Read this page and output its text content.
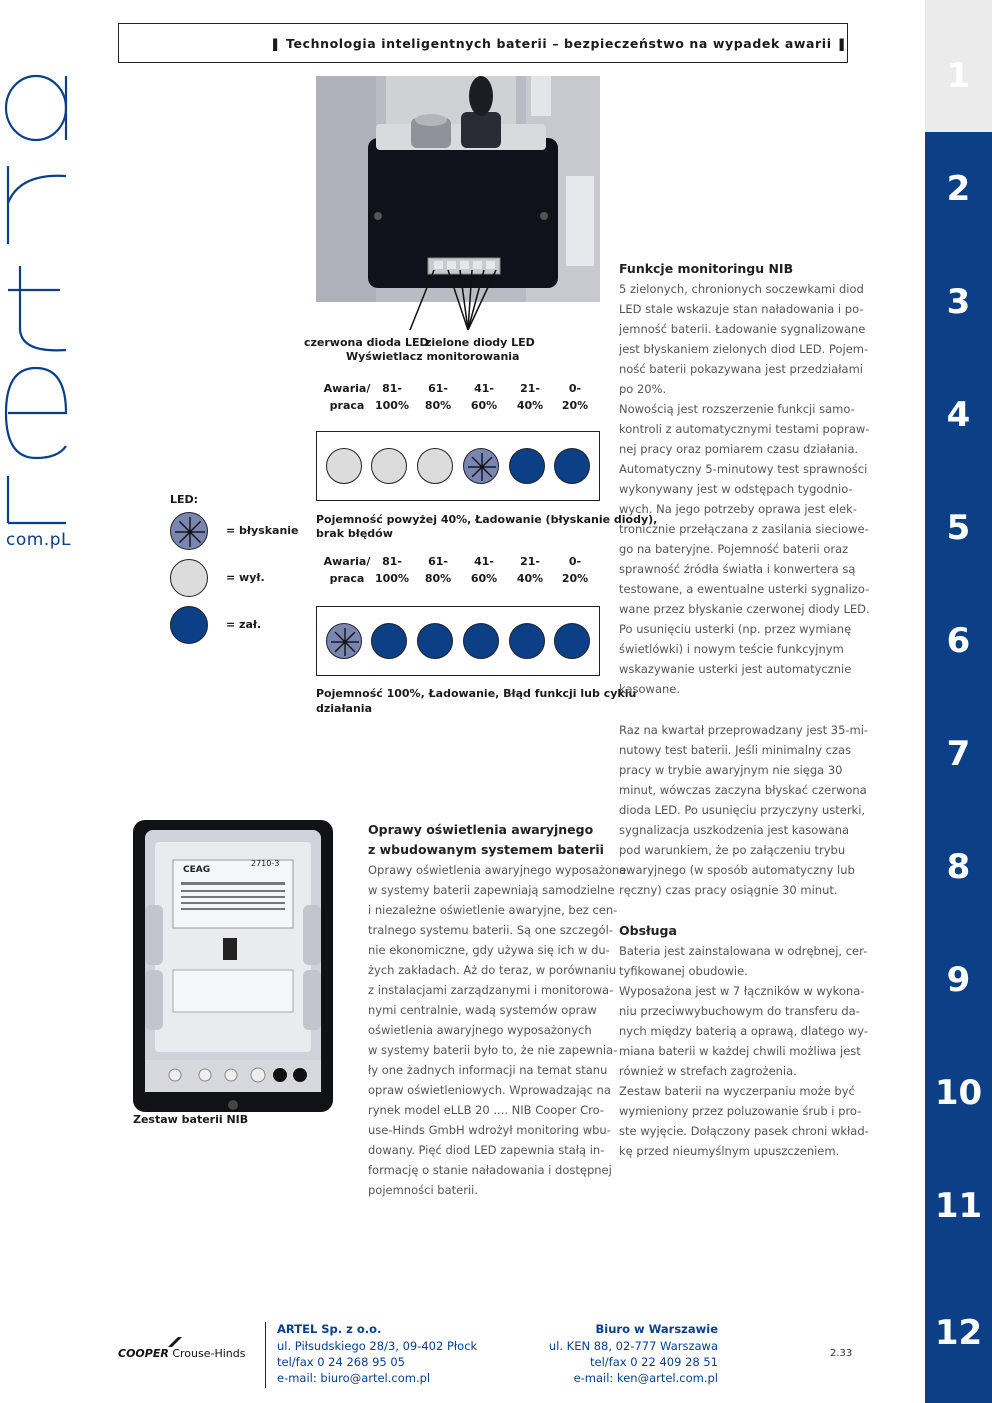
❚ Technologia inteligentnych baterii – bezpieczeństwo na wypadek awarii ❚
com.pL
1
2
3
4
5
6
7
8
9
10
11
12
czerwona dioda LED
zielone diody LED
Wyświetlacz monitorowania
Awaria/
praca
81-
100%
61-
80%
41-
60%
21-
40%
0-
20%
Pojemność powyżej 40%, Ładowanie (błyskanie diody),
brak błędów
Awaria/
praca
81-
100%
61-
80%
41-
60%
21-
40%
0-
20%
Pojemność 100%, Ładowanie, Błąd funkcji lub cyklu
działania
LED:
= błyskanie
= wył.
= zał.
Funkcje monitoringu NIB
5 zielonych, chronionych soczewkami diod
LED stale wskazuje stan naładowania i po-
jemność baterii. Ładowanie sygnalizowane
jest błyskaniem zielonych diod LED. Pojem-
ność baterii pokazywana jest przedziałami
po 20%.
Nowością jest rozszerzenie funkcji samo-
kontroli z automatycznymi testami popraw-
nej pracy oraz pomiarem czasu działania.
Automatyczny 5-minutowy test sprawności
wykonywany jest w odstępach tygodnio-
wych. Na jego potrzeby oprawa jest elek-
tronicznie przełączana z zasilania sieciowe-
go na bateryjne. Pojemność baterii oraz
sprawność źródła światła i konwertera są
testowane, a ewentualne usterki sygnalizo-
wane przez błyskanie czerwonej diody LED.
Po usunięciu usterki (np. przez wymianę
świetlówki) i nowym teście funkcyjnym
wskazywanie usterki jest automatycznie
kasowane.
Raz na kwartał przeprowadzany jest 35-mi-
nutowy test baterii. Jeśli minimalny czas
pracy w trybie awaryjnym nie sięga 30
minut, wówczas zaczyna błyskać czerwona
dioda LED. Po usunięciu przyczyny usterki,
sygnalizacja uszkodzenia jest kasowana
pod warunkiem, że po załączeniu trybu
awaryjnego (w sposób automatyczny lub
ręczny) czas pracy osiągnie 30 minut.
Obsługa
Bateria jest zainstalowana w odrębnej, cer-
tyfikowanej obudowie.
Wyposażona jest w 7 łączników w wykona-
niu przeciwwybuchowym do transferu da-
nych między baterią a oprawą, dlatego wy-
miana baterii w każdej chwili możliwa jest
również w strefach zagrożenia.
Zestaw baterii na wyczerpaniu może być
wymieniony przez poluzowanie śrub i pro-
ste wyjęcie. Dołączony pasek chroni wkład-
kę przed nieumyślnym upuszczeniem.
CEAG
2710-3
Zestaw baterii NIB
Oprawy oświetlenia awaryjnego
z wbudowanym systemem baterii
Oprawy oświetlenia awaryjnego wyposażone
w systemy baterii zapewniają samodzielne
i niezależne oświetlenie awaryjne, bez cen-
tralnego systemu baterii. Są one szczegól-
nie ekonomiczne, gdy używa się ich w du-
żych zakładach. Aż do teraz, w porównaniu
z instalacjami zarządzanymi i monitorowa-
nymi centralnie, wadą systemów opraw
oświetlenia awaryjnego wyposażonych
w systemy baterii było to, że nie zapewnia-
ły one żadnych informacji na temat stanu
opraw oświetleniowych. Wprowadzając na
rynek model eLLB 20 .... NIB Cooper Cro-
use-Hinds GmbH wdrożył monitoring wbu-
dowany. Pięć diod LED zapewnia stałą in-
formację o stanie naładowania i dostępnej
pojemności baterii.
COOPER Crouse-Hinds
ARTEL Sp. z o.o.
ul. Piłsudskiego 28/3, 09-402 Płock
tel/fax 0 24 268 95 05
e-mail: biuro@artel.com.pl
Biuro w Warszawie
ul. KEN 88, 02-777 Warszawa
tel/fax 0 22 409 28 51
e-mail: ken@artel.com.pl
2.33
